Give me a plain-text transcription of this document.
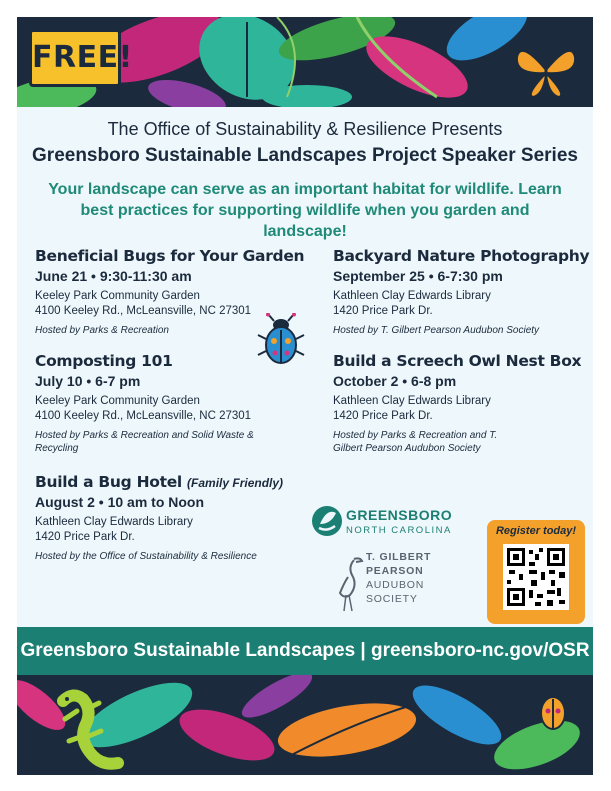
FREE!
The Office of Sustainability & Resilience Presents
Greensboro Sustainable Landscapes Project Speaker Series
Your landscape can serve as an important habitat for wildlife. Learn best practices for supporting wildlife when you garden and landscape!
Beneficial Bugs for Your Garden
June 21 • 9:30-11:30 am
Keeley Park Community Garden
4100 Keeley Rd., McLeansville, NC 27301
Hosted by Parks & Recreation
Composting 101
July 10 • 6-7 pm
Keeley Park Community Garden
4100 Keeley Rd., McLeansville, NC 27301
Hosted by Parks & Recreation and Solid Waste & Recycling
Build a Bug Hotel (Family Friendly)
August 2 • 10 am to Noon
Kathleen Clay Edwards Library
1420 Price Park Dr.
Hosted by the Office of Sustainability & Resilience
Backyard Nature Photography
September 25 • 6-7:30 pm
Kathleen Clay Edwards Library
1420 Price Park Dr.
Hosted by T. Gilbert Pearson Audubon Society
Build a Screech Owl Nest Box
October 2 • 6-8 pm
Kathleen Clay Edwards Library
1420 Price Park Dr.
Hosted by Parks & Recreation and T. Gilbert Pearson Audubon Society
GREENSBORO
NORTH CAROLINA
T. GILBERT
PEARSON
AUDUBON
SOCIETY
Register today!
Greensboro Sustainable Landscapes | greensboro-nc.gov/OSR
